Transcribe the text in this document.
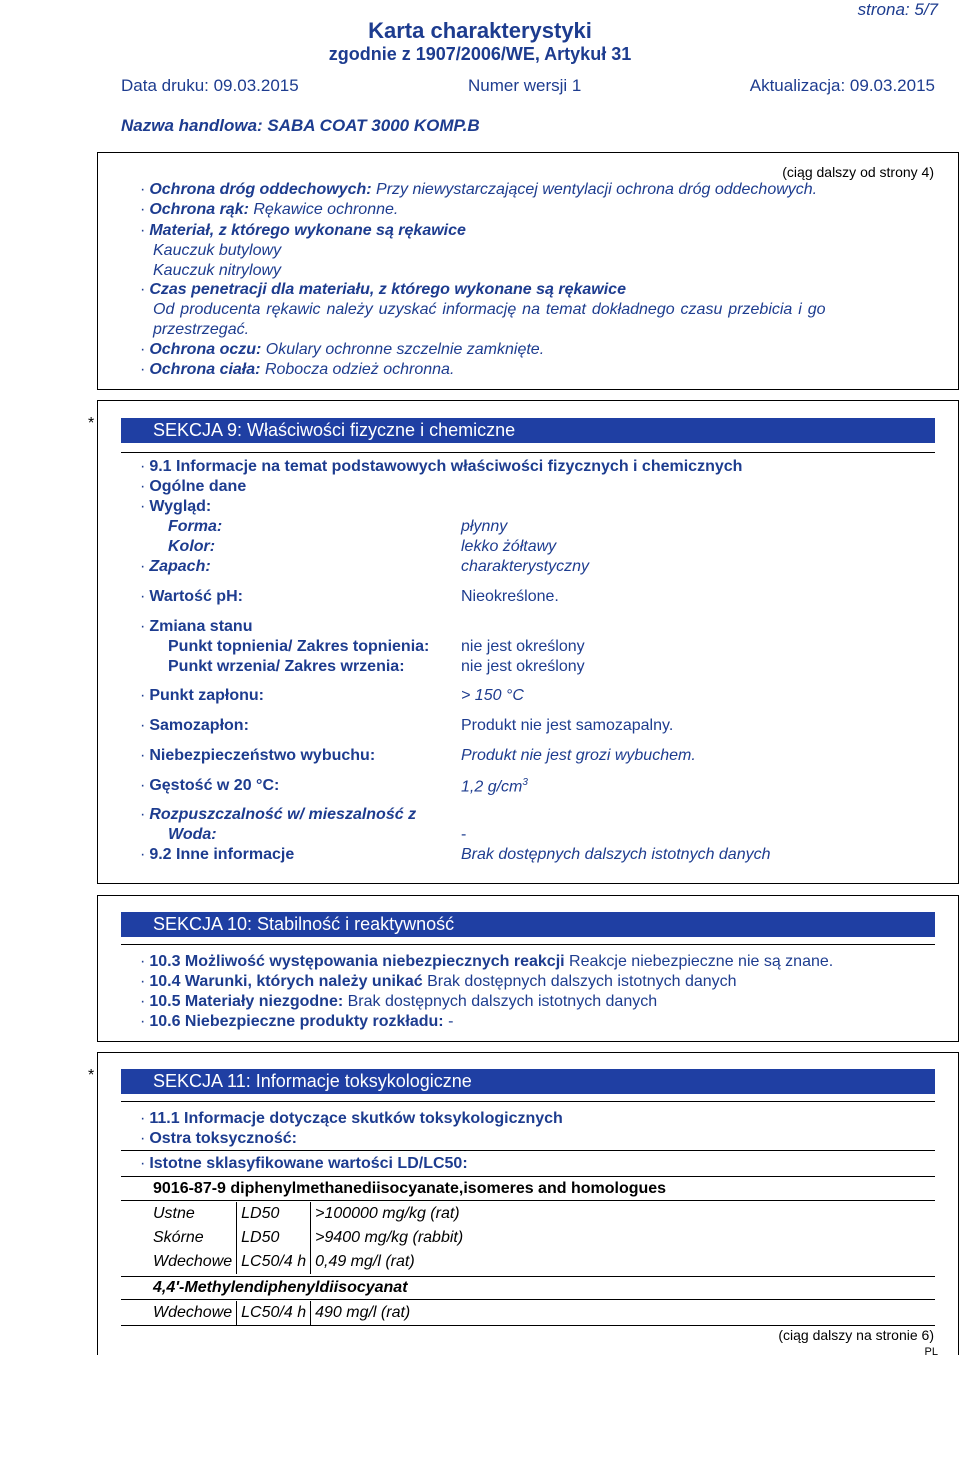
strona: 5/7
Karta charakterystyki
zgodnie z 1907/2006/WE, Artykuł 31
Data druku: 09.03.2015	Numer wersji 1	Aktualizacja: 09.03.2015
Nazwa handlowa: SABA COAT 3000 KOMP.B
(ciąg dalszy od strony 4)
· Ochrona dróg oddechowych: Przy niewystarczającej wentylacji ochrona dróg oddechowych.
· Ochrona rąk: Rękawice ochronne.
· Materiał, z którego wykonane są rękawice
Kauczuk butylowy
Kauczuk nitrylowy
· Czas penetracji dla materiału, z którego wykonane są rękawice
Od producenta rękawic należy uzyskać informację na temat dokładnego czasu przebicia i go
przestrzegać.
· Ochrona oczu: Okulary ochronne szczelnie zamknięte.
· Ochrona ciała: Robocza odzież ochronna.
*	SEKCJA 9: Właściwości fizyczne i chemiczne
· 9.1 Informacje na temat podstawowych właściwości fizycznych i chemicznych
· Ogólne dane
· Wygląd:
Forma:	płynny
Kolor:	lekko żółtawy
· Zapach:	charakterystyczny
· Wartość pH:	Nieokreślone.
· Zmiana stanu
Punkt topnienia/ Zakres topnienia: nie jest określony
Punkt wrzenia/ Zakres wrzenia:	nie jest określony
· Punkt zapłonu:	> 150 °C
· Samozapłon:	Produkt nie jest samozapalny.
· Niebezpieczeństwo wybuchu:	Produkt nie jest grozi wybuchem.
· Gęstość w 20 °C:	1,2 $g/cm^3$
· Rozpuszczalność w/ mieszalność z
Woda:	-
· 9.2 Inne informacje	Brak dostępnych dalszych istotnych danych
SEKCJA 10: Stabilność i reaktywność
· 10.3 Możliwość występowania niebezpiecznych reakcji Reakcje niebezpieczne nie są znane.
· 10.4 Warunki, których należy unikać Brak dostępnych dalszych istotnych danych
· 10.5 Materiały niezgodne: Brak dostępnych dalszych istotnych danych
· 10.6 Niebezpieczne produkty rozkładu: -
*	SEKCJA 11: Informacje toksykologiczne
· 11.1 Informacje dotyczące skutków toksykologicznych
· Ostra toksyczność:
· Istotne sklasyfikowane wartości LD/LC50:
9016-87-9 diphenylmethanediisocyanate,isomeres and homologues
Ustne	LD50	>100000 mg/kg (rat)
Skórne	LD50	>9400 mg/kg (rabbit)
Wdechowe	LC50/4 h	0,49 mg/l (rat)
4,4'-Methylendiphenyldiisocyanat
Wdechowe	LC50/4 h	490 mg/l (rat)
(ciąg dalszy na stronie 6)
PL
